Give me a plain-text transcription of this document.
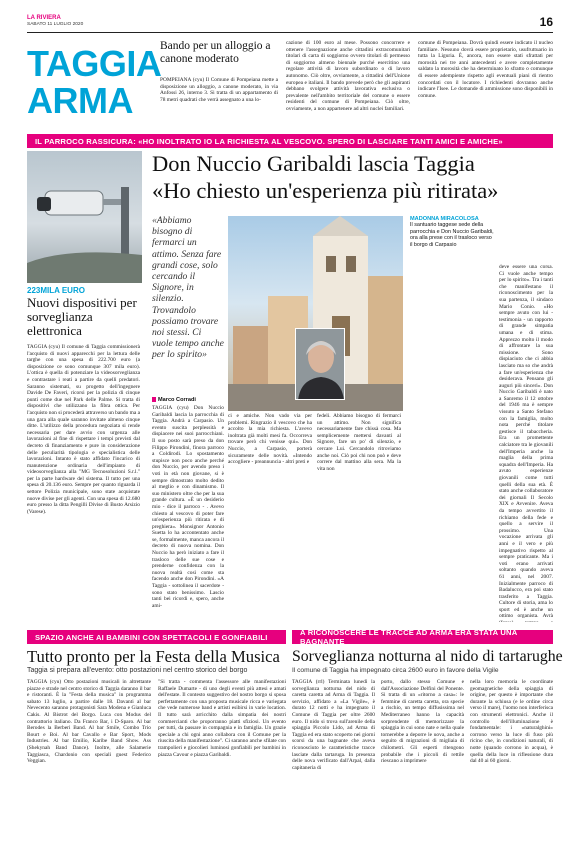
LA RIVIERA
SABATO 11 LUGLIO 2020	16
TAGGIA
ARMA
Bando per un alloggio a canone moderato
POMPEIANA (cyu) Il Comune di Pompeiana mette a disposizione un alloggio, a canone moderato, in via Anfossi 26, interno 3. Si tratta di un appartamento di 78 metri quadrati che verrà assegnato a una lo-
cazione di 100 euro al mese. Possono concorrere e ottenere l'assegnazione anche cittadini extracomunitari titolari di carta di soggiorno ovvero titolari di permesso di soggiorno almeno biennale purché esercitino una regolare attività di lavoro subordinato o di lavoro autonomo. Ciò oltre, ovviamente, a cittadini dell'Unione europea e italiani. Il bando prevede però che gli aspiranti debbano svolgere attività lavorativa esclusiva o prevalente nell'ambito territoriale del comune o essere residenti del comune di Pompeiana. Ciò oltre, ovviamente, a non appartenere ad altri nuclei familiari.
comune di Pompeiana. Dovrà quindi essere indicato il nucleo familiare. Nessuno dovrà essere proprietario, usufruttuario in tutta la Liguria. È, ancora, non essere stati sfrattati per morosità nei tre anni antecedenti e avere completamente saldato la morosità che ha determinato lo sfratto o comunque di essere adempiente rispetto agli eventuali piani di rientro concordati con il locatore. I richiedenti dovranno anche indicare l'Isee. Le domande di ammissione sono disponibili in comune.
IL PARROCO RASSICURA: «HO INOLTRATO IO LA RICHIESTA AL VESCOVO. SPERO DI LASCIARE TANTI AMICI E AMICHE»
223MILA EURO
Nuovi dispositivi per sorveglianza elettronica
TAGGIA (cyu) Il comune di Taggia commissionerà l'acquisto di nuovi apparecchi per la lettura delle targhe con una spesa di 222.700 euro (a disposizione ce sono comunque 307 mila euro). L'ottica è quella di potenziare la videosorveglianza e contrastare i reati a partire da quelli predatori. Saranno sistemati, su progetto dell'ingegnere Davide De Faveri, ricorsi per la polizia di cinque punti come due nel Park delle Palme. Si tratta di dispositivi che utilizzano la fibra ottica. Per l'acquisto non si procederà attraverso un bando ma a una gara alla quale saranno invitate almeno cinque ditte. L'utilizzo della procedura negoziata si rende necessaria per dare avvio con urgenza alle lavorazioni al fine di rispettare i tempi previsti dal decreto di finanziamento e pure in considerazione delle peculiarità tipologia e specialistica delle lavorazioni. Intanto è stato affidato l'incarico di manutenzione ordinaria dell'impianto di videosorveglianza alla "MG Tecnosoluzioni S.r.l." per la parte hardware del sistema. Il tutto per una spesa di 20.136 euro. Sempre per quanto riguarda il settore Polizia municipale, sono state acquistate nuove divise per gli agenti. Con una spesa di 12.680 euro presso la ditta Pengilli Divise di Busto Arsizio (Varese).
Don Nuccio Garibaldi lascia Taggia
«Ho chiesto un'esperienza più ritirata»
«Abbiamo bisogno di fermarci un attimo. Senza fare grandi cose, solo cercando il Signore, in silenzio. Trovandolo possiamo trovare noi stessi. Ci vuole tempo anche per lo spirito»
Marco Corradi
TAGGIA (cyu) Don Nuccio Garibaldi lascia la parrocchia di Taggia. Andrà a Carpasio. Un evento suscita perplessità e dispiacere nei suoi parrocchiani. Il suo posto sarà preso da don Filippo Pirondini, finora parroco a Coldirodi. Lo spostamento stupisce non poco anche perché don Nuccio, per avendo preso i voti in età non giovane, si è sempre dimostrato molto dedito al meglio e con dinamismo. Il suo ministero oltre che per la sua grande cultura. «È un desiderio mio - dice il parroco - . Avevo chiesto al vescovo di poter fare un'esperienza più ritirata e di preghiera». Monsignor Antonio Suetta lo ha accontentato anche se, formalmente, manca ancora il decreto di nuova nomina. Don Nuccio ha però iniziato a fare il trasloco delle sue cose e prenderne confidenza con la nuova realtà così come sta facendo anche don Pirondini. «A Taggia - sottolinea il sacerdote - sono stato benissimo. Lascio tanti bei ricordi e, spero, anche ami-
ci e amiche. Non vado via per problemi. Ringrazio il vescovo che ha accolto la mia richiesta. L'avevo inoltrata già molti mesi fa. Occorreva trovare però chi venisse qui». Don Nuccio, a Carpasio, porterà sicuramente delle novità. «Intendo accogliere - preannuncia - altri preti e
fedeli. Abbiamo bisogno di fermarci un attimo. Non significa necessariamente fare chissà cosa. Ma semplicemente mettersi davanti al Signore, fare un po' di silenzio, e cercare Lui. Cercandolo ritroviamo anche noi. Ciò poi chi non può e deve correre dal mattino alla sera. Ma la vita non
MADONNA MIRACOLOSA
Il santuario taggese sede della parrocchia e Don Nuccio Garibaldi, ora alla prese con il trasloco verso il borgo di Carpasio
deve essere una corsa. Ci vuole anche tempo per lo spirito». Tra i tanti che manifestano il riconoscimento per la sua partenza, il sindaco Mario Conio. «Ho sempre avuto con lui - testimonia - un rapporto di grande simpatia umana e di stima. Apprezzo molto il modo di affrontare la sua missione. Sono dispiaciuto che ci abbia lasciato ma so che andrà a fare un'esperienza che desiderava. Pensano gli auguri più sinceri». Don Nuccio Garibaldi è nato a Sanremo il 12 ottobre del 1946 ma è sempre vissuto a Santo Stefano con la famiglia, molto nota perché titolare gestisce il tabaccheria. Era un promettente calciatore tra le giovanili dell'Imperia anche la maglia della prima squadra dell'Imperia. Ha avuto esperienze giovanili come tutti quelli della sua età. È stato anche collaboratore dei giornali Il Secolo XIX e Avvenire. Aveva da tempo avvertito il richiamo della fede e quello a servire il prossimo. Una vocazione arrivata gli anni e il vero e più impegnativo rispetto al sempre praticante. Ma i voti erano arrivati soltanto quando aveva 61 anni, nel 2007. Inizialmente parroco di Badalucco, era poi stato trasferito a Taggia. Cultore di storia, ama lo sport ed è anche un ottimo organista. Avrà
SPAZIO ANCHE AI BAMBINI CON SPETTACOLI E GONFIABILI	A RICONOSCERE LE TRACCE AD ARMA ERA STATA UNA BAGNANTE
Tutto pronto per la Festa della Musica
Taggia si prepara all'evento: otto postazioni nel centro storico del borgo
TAGGIA (cyu) Otto postazioni musicali in altrettante piazze e strade nel centro storico di Taggia daranno il bar e ristoranti. È la "Festa della musica" in programma sabato 13 luglio, a partire dalle 18. Davanti al bar Nevecento saranno protagonisti Sara Modena e Gianluca Cakis. Al Bistrot del Borgo. Luca con Modus del contrattorio italiano. Da Franco Bar, i D-Sparo. Al bar Berodes la Berberi Band. Al bar Smile, Combo Trio Bourt e Boi. Al bar Cavallo e Bar Sport, Mods Industries. Al bar Emilio, Karibe Band Show. Ass (Shekynah Band Dance). Inoltre, alle Salamerie Taggiasca, Chardonio con speciali guest Federico Veggian.
"Si tratta - commenta l'assessore alle manifestazioni Raffaele Dumarte - di uno degli eventi più attesi e amati dell'estate. Il contesto suggestivo del nostro borgo si sposa perfettamente con una proposta musicale ricca e variegata che vede numerose band e artisti esibirsi in varie location. Il tutto sarà arricchito dalla simpatia dei nostri commercianti che proporranno piatti sfiziosi. Un evento per tutti, da passare in compagnia e in famiglia. Un grazie speciale a chi ogni anno collabora con il Comune per la riuscita della manifestazione". Ci saranno anche sfilate con trampolieri e giocolieri luminosi gonfiabili per bambini in piazza Cavour e piazza Garibaldi.
Sorveglianza notturna al nido di tartarughe
Il comune di Taggia ha impegnato circa 2600 euro in favore della Vigile
TAGGIA (rrl) Terminata lunedì la sorveglianza notturna del nido di caretta caretta ad Arma di Taggia. Il servizio, affidato a «La Vigile», è durato 12 notti e ha impegnato il Comune di Taggia per oltre 2600 euro. Il nido si trova sull'arenile della spiaggia Piccolo Lido, ad Arma di Taggia ed era stato scoperto nei giorni scorsi da una bagnante che aveva riconosciuto le caratteristiche tracce lasciate dalla tartaruga. In presenza delle nova verificato dall'Arpal, dalla capitaneria di
porto, dallo stesso Comune e dall'Associazione Delfini del Ponente. Si tratta di un «ritorno a casa»: le femmine di caretta caretta, ora specie a rischio, un tempo diffusissima nel Mediterraneo hanno la capacità sorprendente di memorizzare la spiaggia in cui sono nate e nella quale tornerebbe a deporre le uova, anche a seguito di migrazioni di migliaia di chilometri. Gli esperti ritengono probabile che i piccoli di rettile riescano a imprimere
nella loro memoria le coordinate geomagnetiche della spiaggia di origine, per questo è importante che durante la schiusa (e le ordine circa verso il mare), l'uomo non interferisca con strumenti elettronici. Anche il controllo dell'illuminazione è fondamentale: i «naturalghini» corrono verso la luce di fuso più ricino che, in condizioni naturali, di notte (quando corrono in acqua), è quella della luce in riflessione dura dal 40 ai 60 giorni.
